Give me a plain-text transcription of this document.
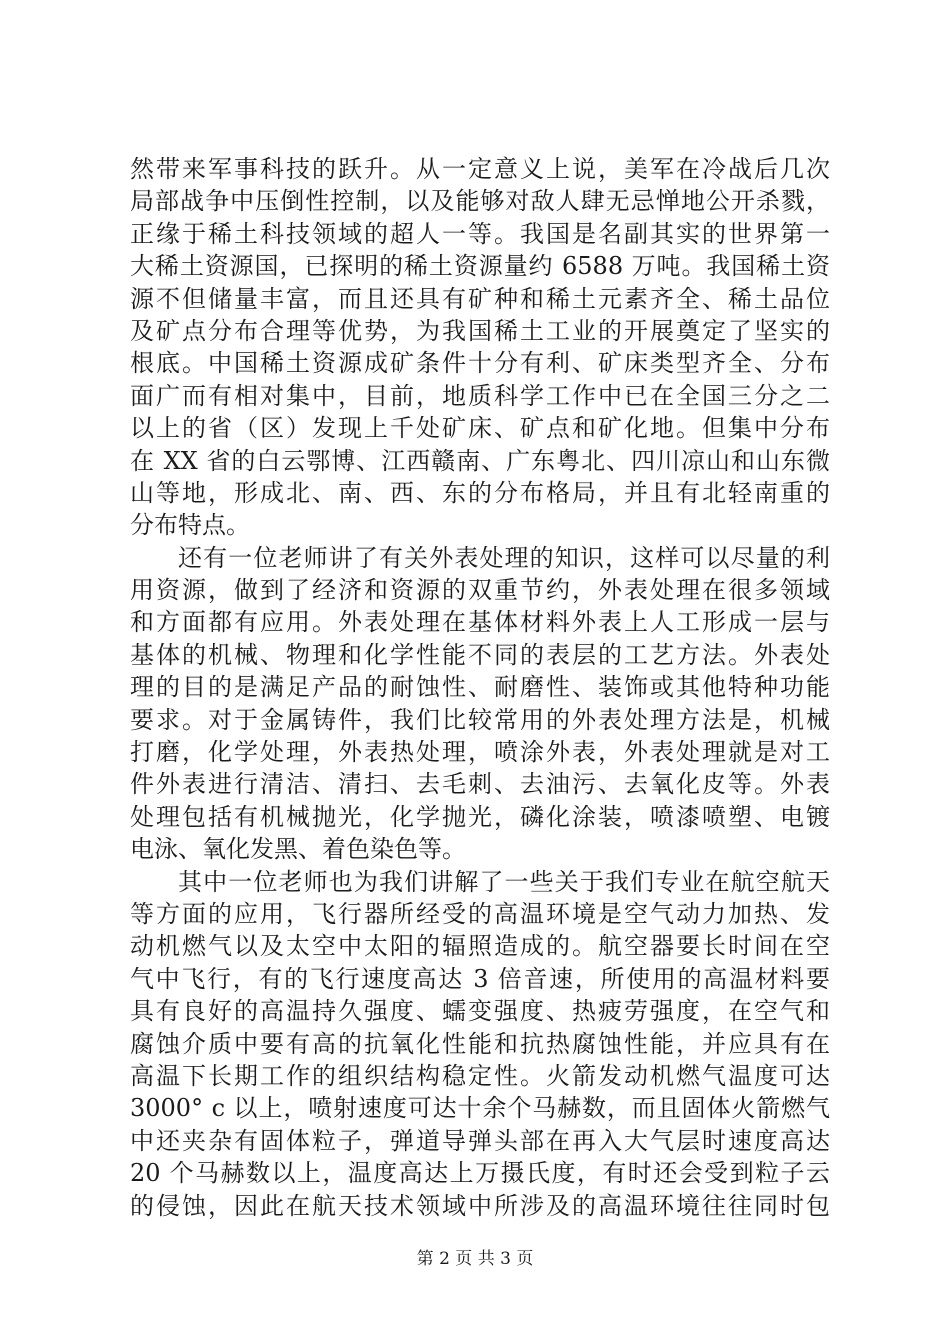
然带来军事科技的跃升。从一定意义上说，美军在冷战后几次
局部战争中压倒性控制，以及能够对敌人肆无忌惮地公开杀戮，
正缘于稀土科技领域的超人一等。我国是名副其实的世界第一
大稀土资源国，已探明的稀土资源量约 6588 万吨。我国稀土资
源不但储量丰富，而且还具有矿种和稀土元素齐全、稀土品位
及矿点分布合理等优势，为我国稀土工业的开展奠定了坚实的
根底。中国稀土资源成矿条件十分有利、矿床类型齐全、分布
面广而有相对集中，目前，地质科学工作中已在全国三分之二
以上的省（区）发现上千处矿床、矿点和矿化地。但集中分布
在 XX 省的白云鄂博、江西赣南、广东粤北、四川凉山和山东微
山等地，形成北、南、西、东的分布格局，并且有北轻南重的
分布特点。
还有一位老师讲了有关外表处理的知识，这样可以尽量的利
用资源，做到了经济和资源的双重节约，外表处理在很多领域
和方面都有应用。外表处理在基体材料外表上人工形成一层与
基体的机械、物理和化学性能不同的表层的工艺方法。外表处
理的目的是满足产品的耐蚀性、耐磨性、装饰或其他特种功能
要求。对于金属铸件，我们比较常用的外表处理方法是，机械
打磨，化学处理，外表热处理，喷涂外表，外表处理就是对工
件外表进行清洁、清扫、去毛刺、去油污、去氧化皮等。外表
处理包括有机械抛光，化学抛光，磷化涂装，喷漆喷塑、电镀
电泳、氧化发黑、着色染色等。
其中一位老师也为我们讲解了一些关于我们专业在航空航天
等方面的应用，飞行器所经受的高温环境是空气动力加热、发
动机燃气以及太空中太阳的辐照造成的。航空器要长时间在空
气中飞行，有的飞行速度高达 3 倍音速，所使用的高温材料要
具有良好的高温持久强度、蠕变强度、热疲劳强度，在空气和
腐蚀介质中要有高的抗氧化性能和抗热腐蚀性能，并应具有在
高温下长期工作的组织结构稳定性。火箭发动机燃气温度可达
3000° c 以上，喷射速度可达十余个马赫数，而且固体火箭燃气
中还夹杂有固体粒子，弹道导弹头部在再入大气层时速度高达
20 个马赫数以上，温度高达上万摄氏度，有时还会受到粒子云
的侵蚀，因此在航天技术领域中所涉及的高温环境往往同时包
第 2 页 共 3 页
